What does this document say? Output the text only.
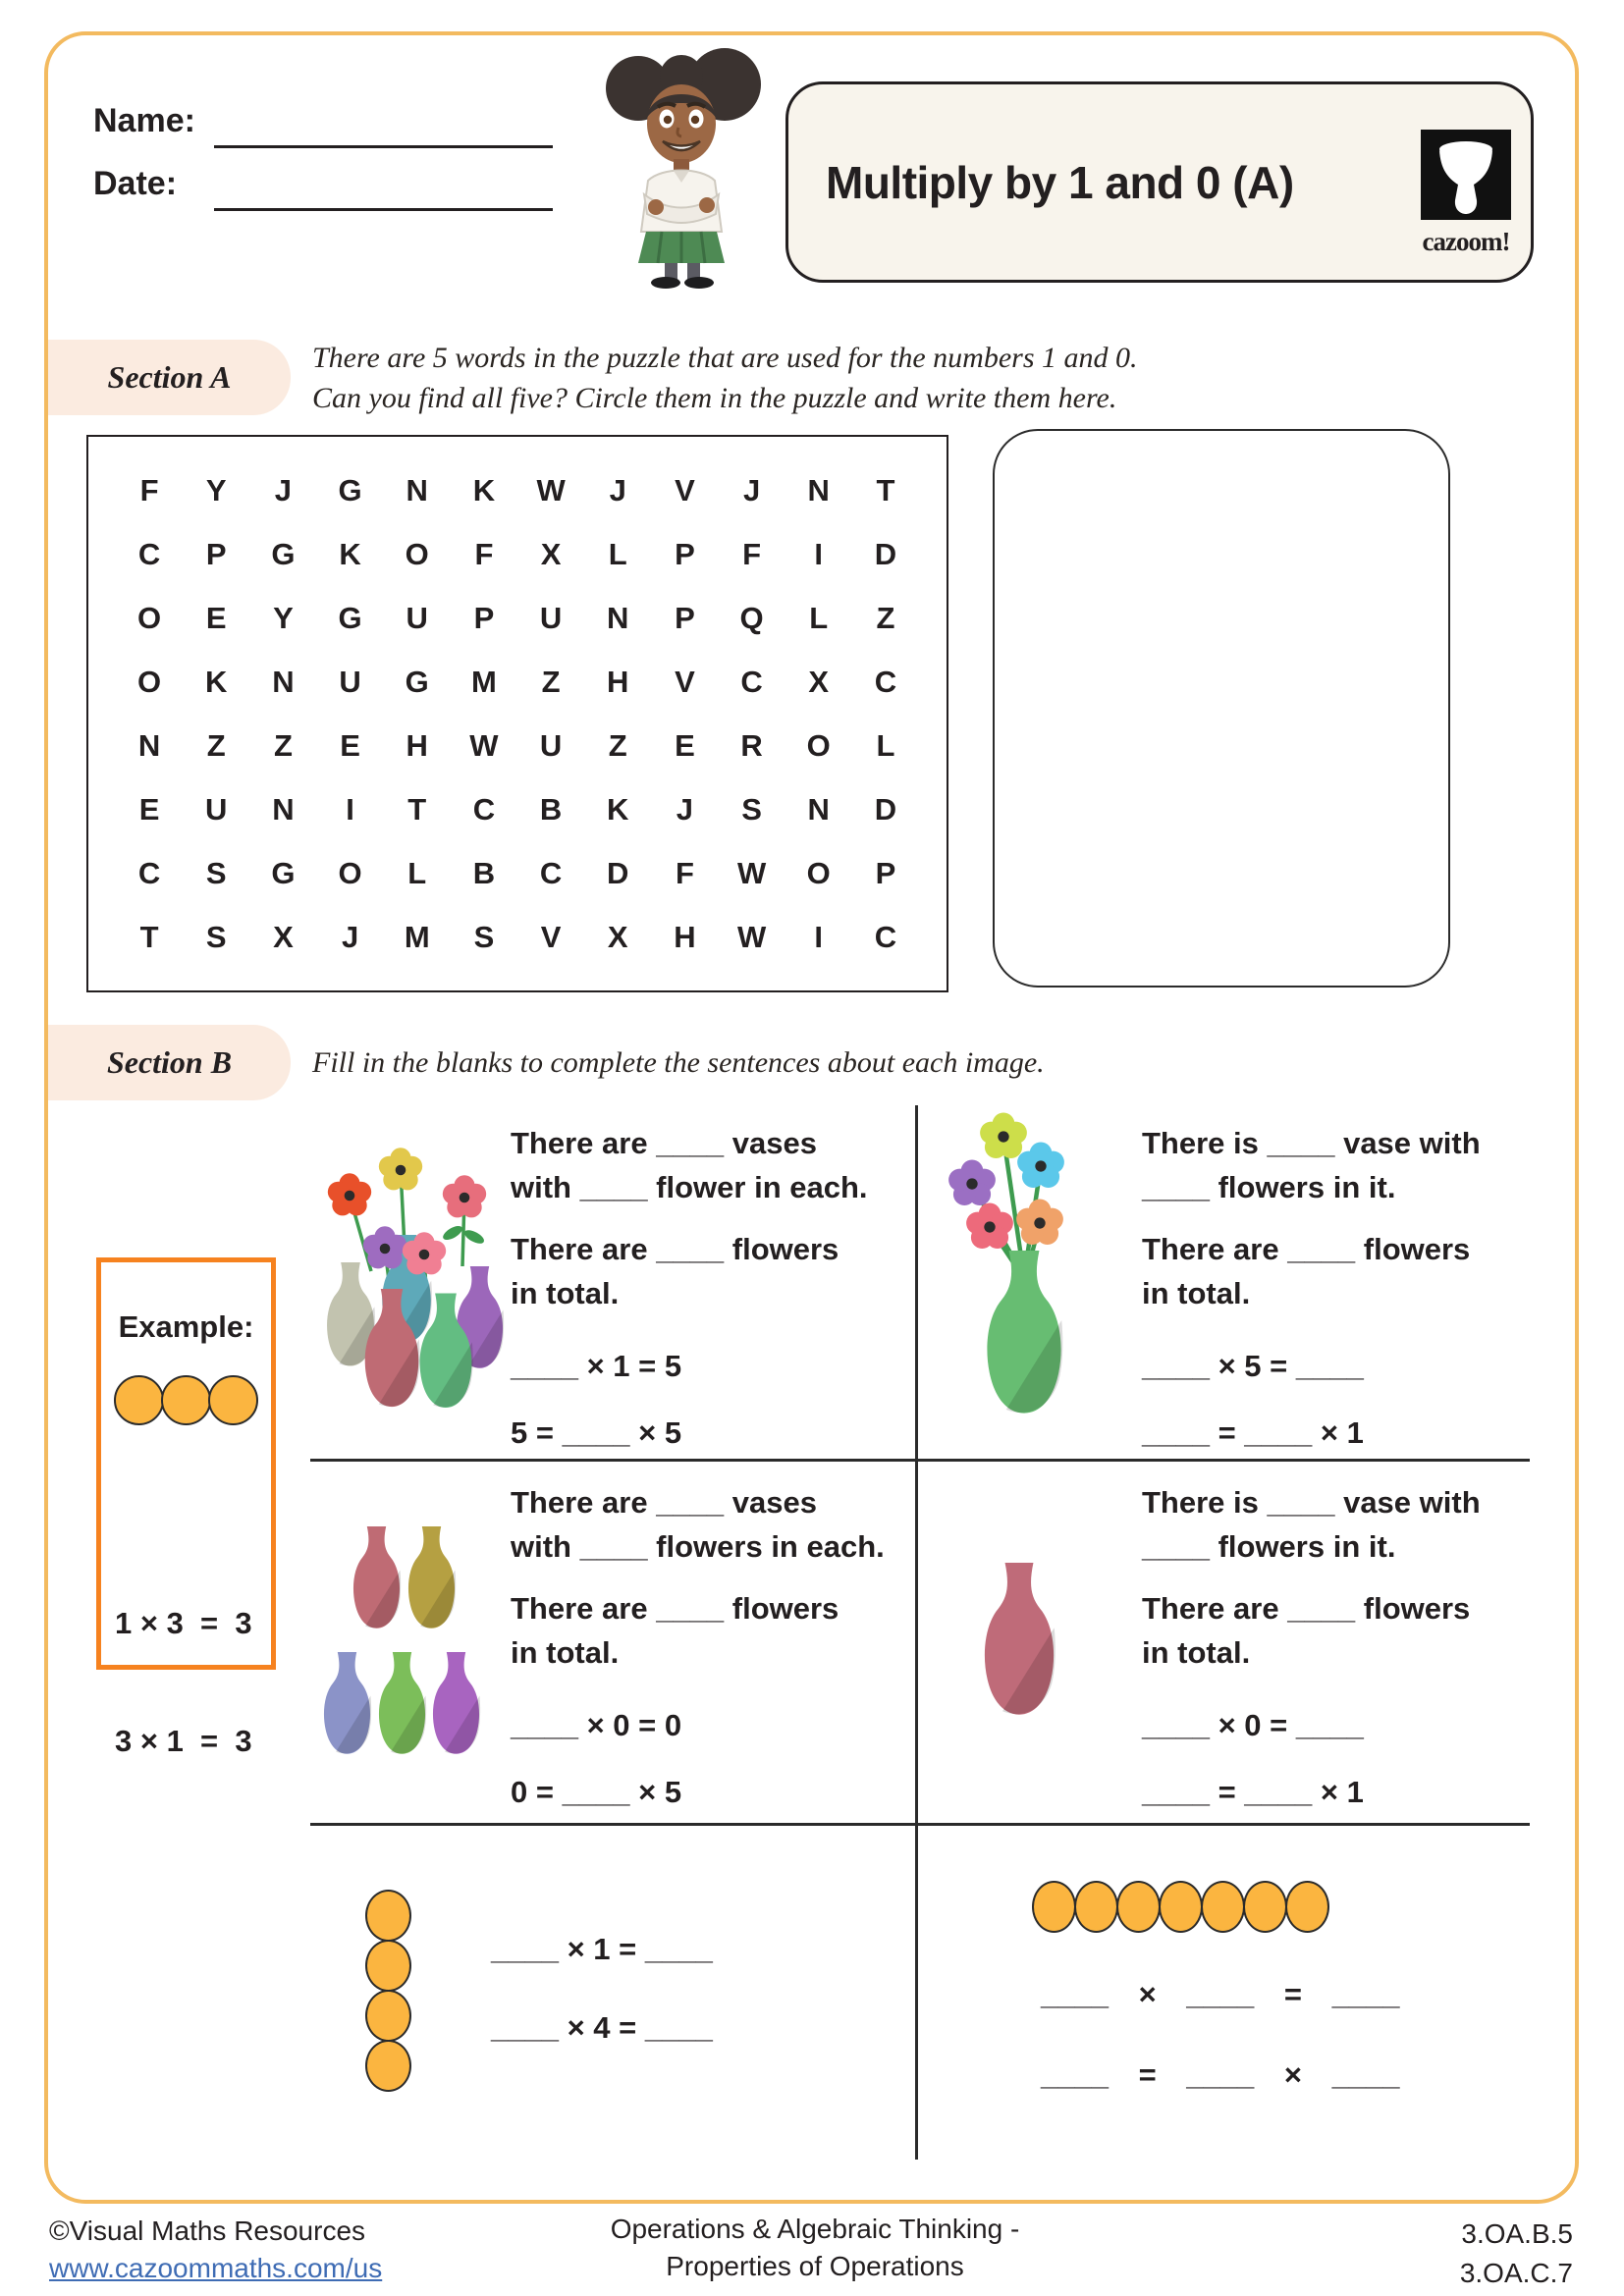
Name:
Date:	Multiply by 1 and 0 (A)
cazoom!
Section A
There are 5 words in the puzzle that are used for the numbers 1 and 0.
Can you find all five? Circle them in the puzzle and write them here.
F	Y	J	G	N	K	W	J	V	J	N	T
C	P	G	K	O	F	X	L	P	F	I	D
O	E	Y	G	U	P	U	N	P	Q	L	Z
O	K	N	U	G	M	Z	H	V	C	X	C
N	Z	Z	E	H	W	U	Z	E	R	O	L
E	U	N	I	T	C	B	K	J	S	N	D
C	S	G	O	L	B	C	D	F	W	O	P
T	S	X	J	M	S	V	X	H	W	I	C
Section B	Fill in the blanks to complete the sentences about each image.
Example:

1 × 3  =  3

3 × 1  =  3

There are ____ vases
with ____ flower in each.

There are ____ flowers
in total.

____ × 1 = 5
5 = ____ × 5

There is ____ vase with
____ flowers in it.

There are ____ flowers
in total.

____ × 5 = ____
____ = ____ × 1

There are ____ vases
with ____ flowers in each.

There are ____ flowers
in total.

____ × 0 = 0
0 = ____ × 5

There is ____ vase with
____ flowers in it.

There are ____ flowers
in total.

____ × 0 = ____
____ = ____ × 1
____ × 1 = ____
____ × 4 = ____
____ × ____ = ____
____ = ____ × ____
©Visual Maths Resources
www.cazoommaths.com/us
Operations & Algebraic Thinking -
Properties of Operations
3.OA.B.5
3.OA.C.7
